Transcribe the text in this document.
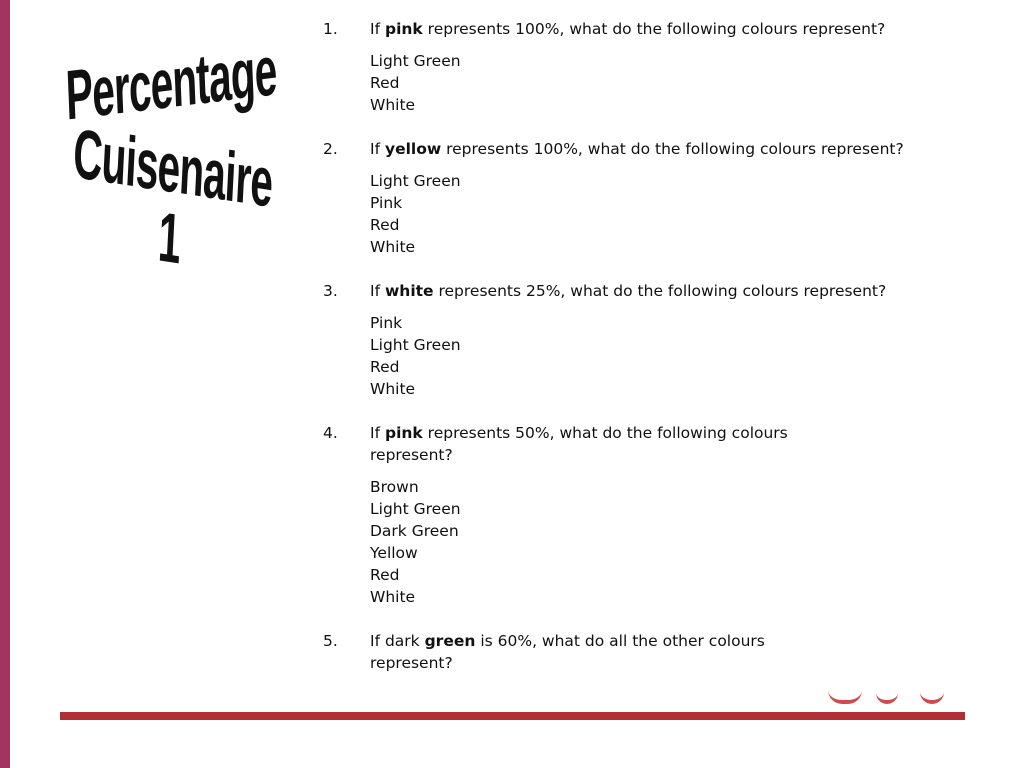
Percentage
Cuisenaire 1
1. If pink represents 100%, what do the following colours represent?
Light Green
Red
White
2. If yellow represents 100%, what do the following colours represent?
Light Green
Pink
Red
White
3. If white represents 25%, what do the following colours represent?
Pink
Light Green
Red
White
4. If pink represents 50%, what do the following colours represent?
Brown
Light Green
Dark Green
Yellow
Red
White
5. If dark green is 60%, what do all the other colours represent?
